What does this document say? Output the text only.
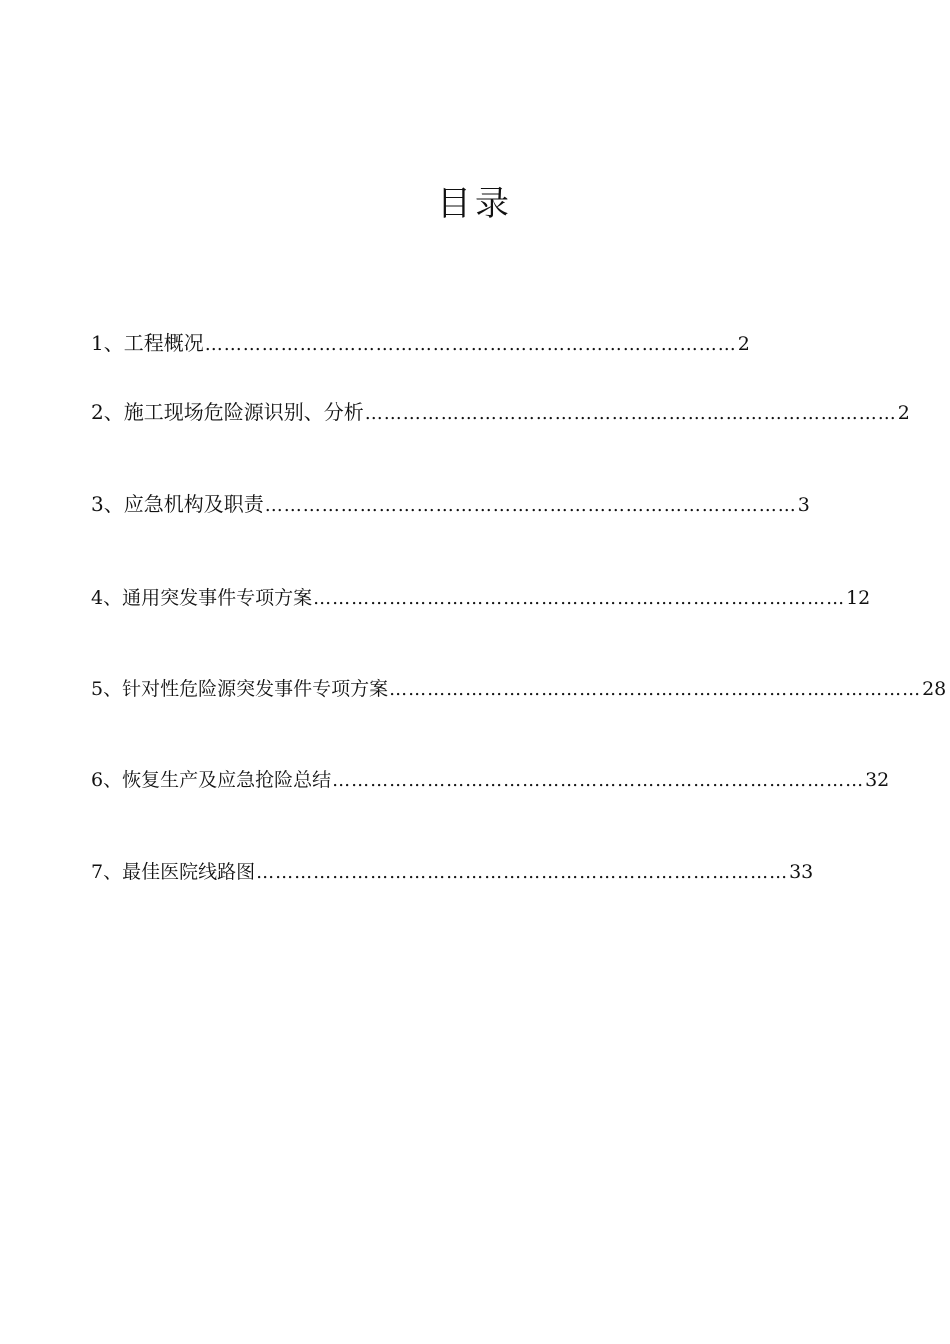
目录
1、工程概况 ………………………………………………………………………… 2
2、施工现场危险源识别、分析 ………………………………………………………………………… 2
3、应急机构及职责 ………………………………………………………………………… 3
4、通用突发事件专项方案 ………………………………………………………………………… 12
5、针对性危险源突发事件专项方案 ………………………………………………………………………… 28
6、恢复生产及应急抢险总结 ………………………………………………………………………… 32
7、最佳医院线路图 ………………………………………………………………………… 33
